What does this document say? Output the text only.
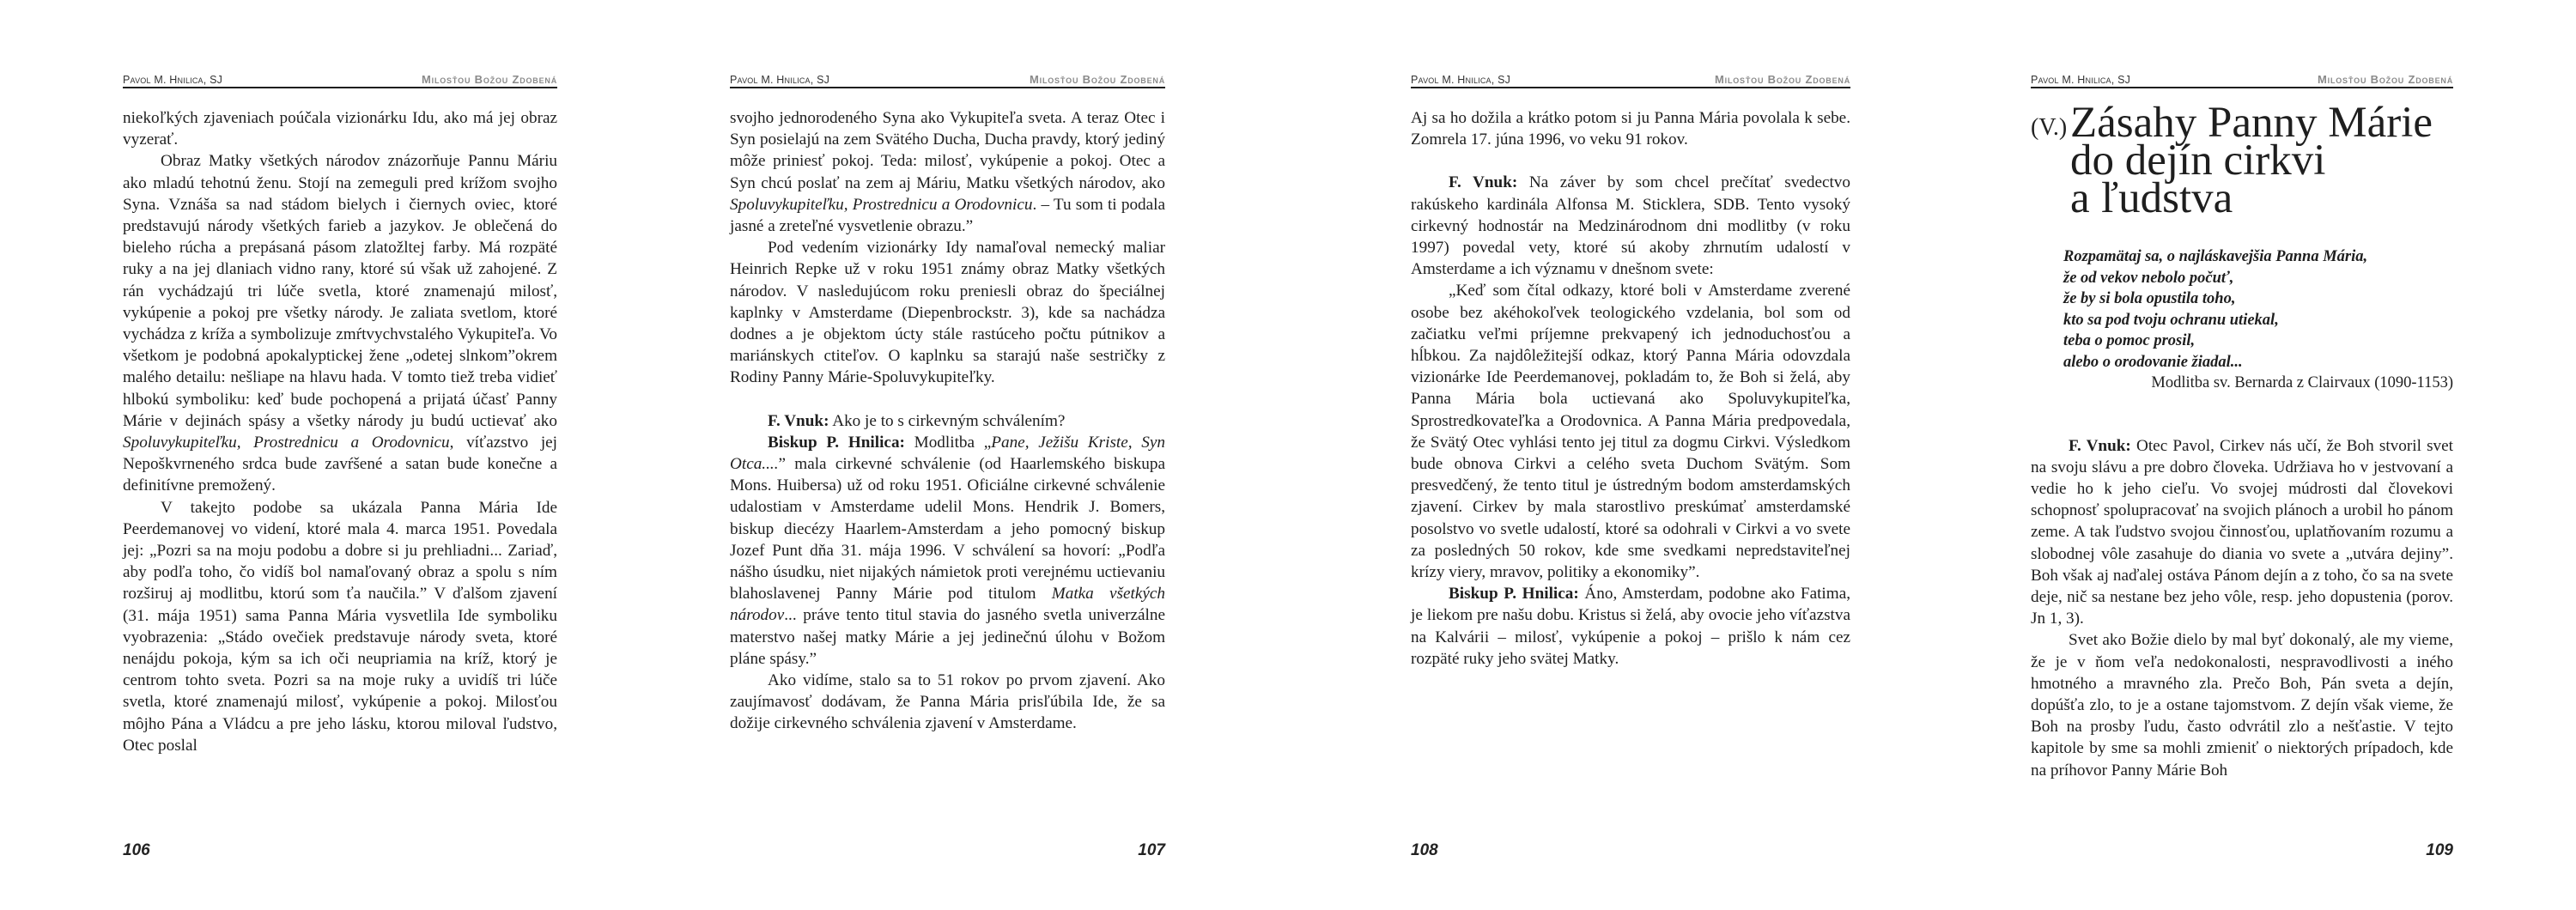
Pavol M. Hnilica, SJ	Milosťou Božou Zdobená

niekoľkých zjaveniach poúčala vizionárku Idu, ako má jej obraz vyzerať.

Obraz Matky všetkých národov znázorňuje Pannu Máriu ako mladú tehotnú ženu. Stojí na zemeguli pred krížom svojho Syna. Vznáša sa nad stádom bielych i čiernych oviec, ktoré predstavujú národy všetkých farieb a jazykov. Je oblečená do bieleho rúcha a prepásaná pásom zlatožltej farby. Má rozpäté ruky a na jej dlaniach vidno rany, ktoré sú však už zahojené. Z rán vychádzajú tri lúče svetla, ktoré znamenajú milosť, vykúpenie a pokoj pre všetky národy. Je zaliata svetlom, ktoré vychádza z kríža a symbolizuje zmŕtvychvstalého Vykupiteľa. Vo všetkom je podobná apokalyptickej žene „odetej slnkom”okrem malého detailu: nešliape na hlavu hada. V tomto tiež treba vidieť hlbokú symboliku: keď bude pochopená a prijatá účasť Panny Márie v dejinách spásy a všetky národy ju budú uctievať ako Spoluvykupiteľku, Prostrednicu a Orodovnicu, víťazstvo jej Nepoškvrneného srdca bude zavŕšené a satan bude konečne a definitívne premožený.

V takejto podobe sa ukázala Panna Mária Ide Peerdemanovej vo videní, ktoré mala 4. marca 1951. Povedala jej: „Pozri sa na moju podobu a dobre si ju prehliadni... Zariaď, aby podľa toho, čo vidíš bol namaľovaný obraz a spolu s ním rozširuj aj modlitbu, ktorú som ťa naučila.” V ďalšom zjavení (31. mája 1951) sama Panna Mária vysvetlila Ide symboliku vyobrazenia: „Stádo ovečiek predstavuje národy sveta, ktoré nenájdu pokoja, kým sa ich oči neupriamia na kríž, ktorý je centrom tohto sveta. Pozri sa na moje ruky a uvidíš tri lúče svetla, ktoré znamenajú milosť, vykúpenie a pokoj. Milosťou môjho Pána a Vládcu a pre jeho lásku, ktorou miloval ľudstvo, Otec poslal

106
Pavol M. Hnilica, SJ	Milosťou Božou Zdobená

svojho jednorodeného Syna ako Vykupiteľa sveta. A teraz Otec i Syn posielajú na zem Svätého Ducha, Ducha pravdy, ktorý jediný môže priniesť pokoj. Teda: milosť, vykúpenie a pokoj. Otec a Syn chcú poslať na zem aj Máriu, Matku všetkých národov, ako Spoluvykupiteľku, Prostrednicu a Orodovnicu. – Tu som ti podala jasné a zreteľné vysvetlenie obrazu.”

Pod vedením vizionárky Idy namaľoval nemecký maliar Heinrich Repke už v roku 1951 známy obraz Matky všetkých národov. V nasledujúcom roku preniesli obraz do špeciálnej kaplnky v Amsterdame (Diepenbrockstr. 3), kde sa nachádza dodnes a je objektom úcty stále rastúceho počtu pútnikov a mariánskych ctiteľov. O kaplnku sa starajú naše sestričky z Rodiny Panny Márie-Spoluvykupiteľky.

F. Vnuk: Ako je to s cirkevným schválením?

Biskup P. Hnilica: Modlitba „Pane, Ježišu Kriste, Syn Otca....” mala cirkevné schválenie (od Haarlemského biskupa Mons. Huibersa) už od roku 1951. Oficiálne cirkevné schválenie udalostiam v Amsterdame udelil Mons. Hendrik J. Bomers, biskup diecézy Haarlem-Amsterdam a jeho pomocný biskup Jozef Punt dňa 31. mája 1996. V schválení sa hovorí: „Podľa nášho úsudku, niet nijakých námietok proti verejnému uctievaniu blahoslavenej Panny Márie pod titulom Matka všetkých národov... práve tento titul stavia do jasného svetla univerzálne materstvo našej matky Márie a jej jedinečnú úlohu v Božom pláne spásy.”

Ako vidíme, stalo sa to 51 rokov po prvom zjavení. Ako zaujímavosť dodávam, že Panna Mária prisľúbila Ide, že sa dožije cirkevného schválenia zjavení v Amsterdame.

107
Pavol M. Hnilica, SJ	Milosťou Božou Zdobená

Aj sa ho dožila a krátko potom si ju Panna Mária povolala k sebe. Zomrela 17. júna 1996, vo veku 91 rokov.

F. Vnuk: Na záver by som chcel prečítať svedectvo rakúskeho kardinála Alfonsa M. Sticklera, SDB. Tento vysoký cirkevný hodnostár na Medzinárodnom dni modlitby (v roku 1997) povedal vety, ktoré sú akoby zhrnutím udalostí v Amsterdame a ich významu v dnešnom svete:

„Keď som čítal odkazy, ktoré boli v Amsterdame zverené osobe bez akéhokoľvek teologického vzdelania, bol som od začiatku veľmi príjemne prekvapený ich jednoduchosťou a hĺbkou. Za najdôležitejší odkaz, ktorý Panna Mária odovzdala vizionárke Ide Peerdemanovej, pokladám to, že Boh si želá, aby Panna Mária bola uctievaná ako Spoluvykupiteľka, Sprostredkovateľka a Orodovnica. A Panna Mária predpovedala, že Svätý Otec vyhlási tento jej titul za dogmu Cirkvi. Výsledkom bude obnova Cirkvi a celého sveta Duchom Svätým. Som presvedčený, že tento titul je ústredným bodom amsterdamských zjavení. Cirkev by mala starostlivo preskúmať amsterdamské posolstvo vo svetle udalostí, ktoré sa odohrali v Cirkvi a vo svete za posledných 50 rokov, kde sme svedkami nepredstaviteľnej krízy viery, mravov, politiky a ekonomiky”.

Biskup P. Hnilica: Áno, Amsterdam, podobne ako Fatima, je liekom pre našu dobu. Kristus si želá, aby ovocie jeho víťazstva na Kalvárii – milosť, vykúpenie a pokoj – prišlo k nám cez rozpäté ruky jeho svätej Matky.

108
Pavol M. Hnilica, SJ	Milosťou Božou Zdobená
(V.) Zásahy Panny Márie
do dejín cirkvi
a ľudstva
Rozpamätaj sa, o najláskavejšia Panna Mária,
že od vekov nebolo počuť,
že by si bola opustila toho,
kto sa pod tvoju ochranu utiekal,
teba o pomoc prosil,
alebo o orodovanie žiadal...
Modlitba sv. Bernarda z Clairvaux (1090-1153)

F. Vnuk: Otec Pavol, Cirkev nás učí, že Boh stvoril svet na svoju slávu a pre dobro človeka. Udržiava ho v jestvovaní a vedie ho k jeho cieľu. Vo svojej múdrosti dal človekovi schopnosť spolupracovať na svojich plánoch a urobil ho pánom zeme. A tak ľudstvo svojou činnosťou, uplatňovaním rozumu a slobodnej vôle zasahuje do diania vo svete a „utvára dejiny”. Boh však aj naďalej ostáva Pánom dejín a z toho, čo sa na svete deje, nič sa nestane bez jeho vôle, resp. jeho dopustenia (porov. Jn 1, 3).

Svet ako Božie dielo by mal byť dokonalý, ale my vieme, že je v ňom veľa nedokonalosti, nespravodlivosti a iného hmotného a mravného zla. Prečo Boh, Pán sveta a dejín, dopúšťa zlo, to je a ostane tajomstvom. Z dejín však vieme, že Boh na prosby ľudu, často odvrátil zlo a nešťastie. V tejto kapitole by sme sa mohli zmieniť o niektorých prípadoch, kde na príhovor Panny Márie Boh

109
